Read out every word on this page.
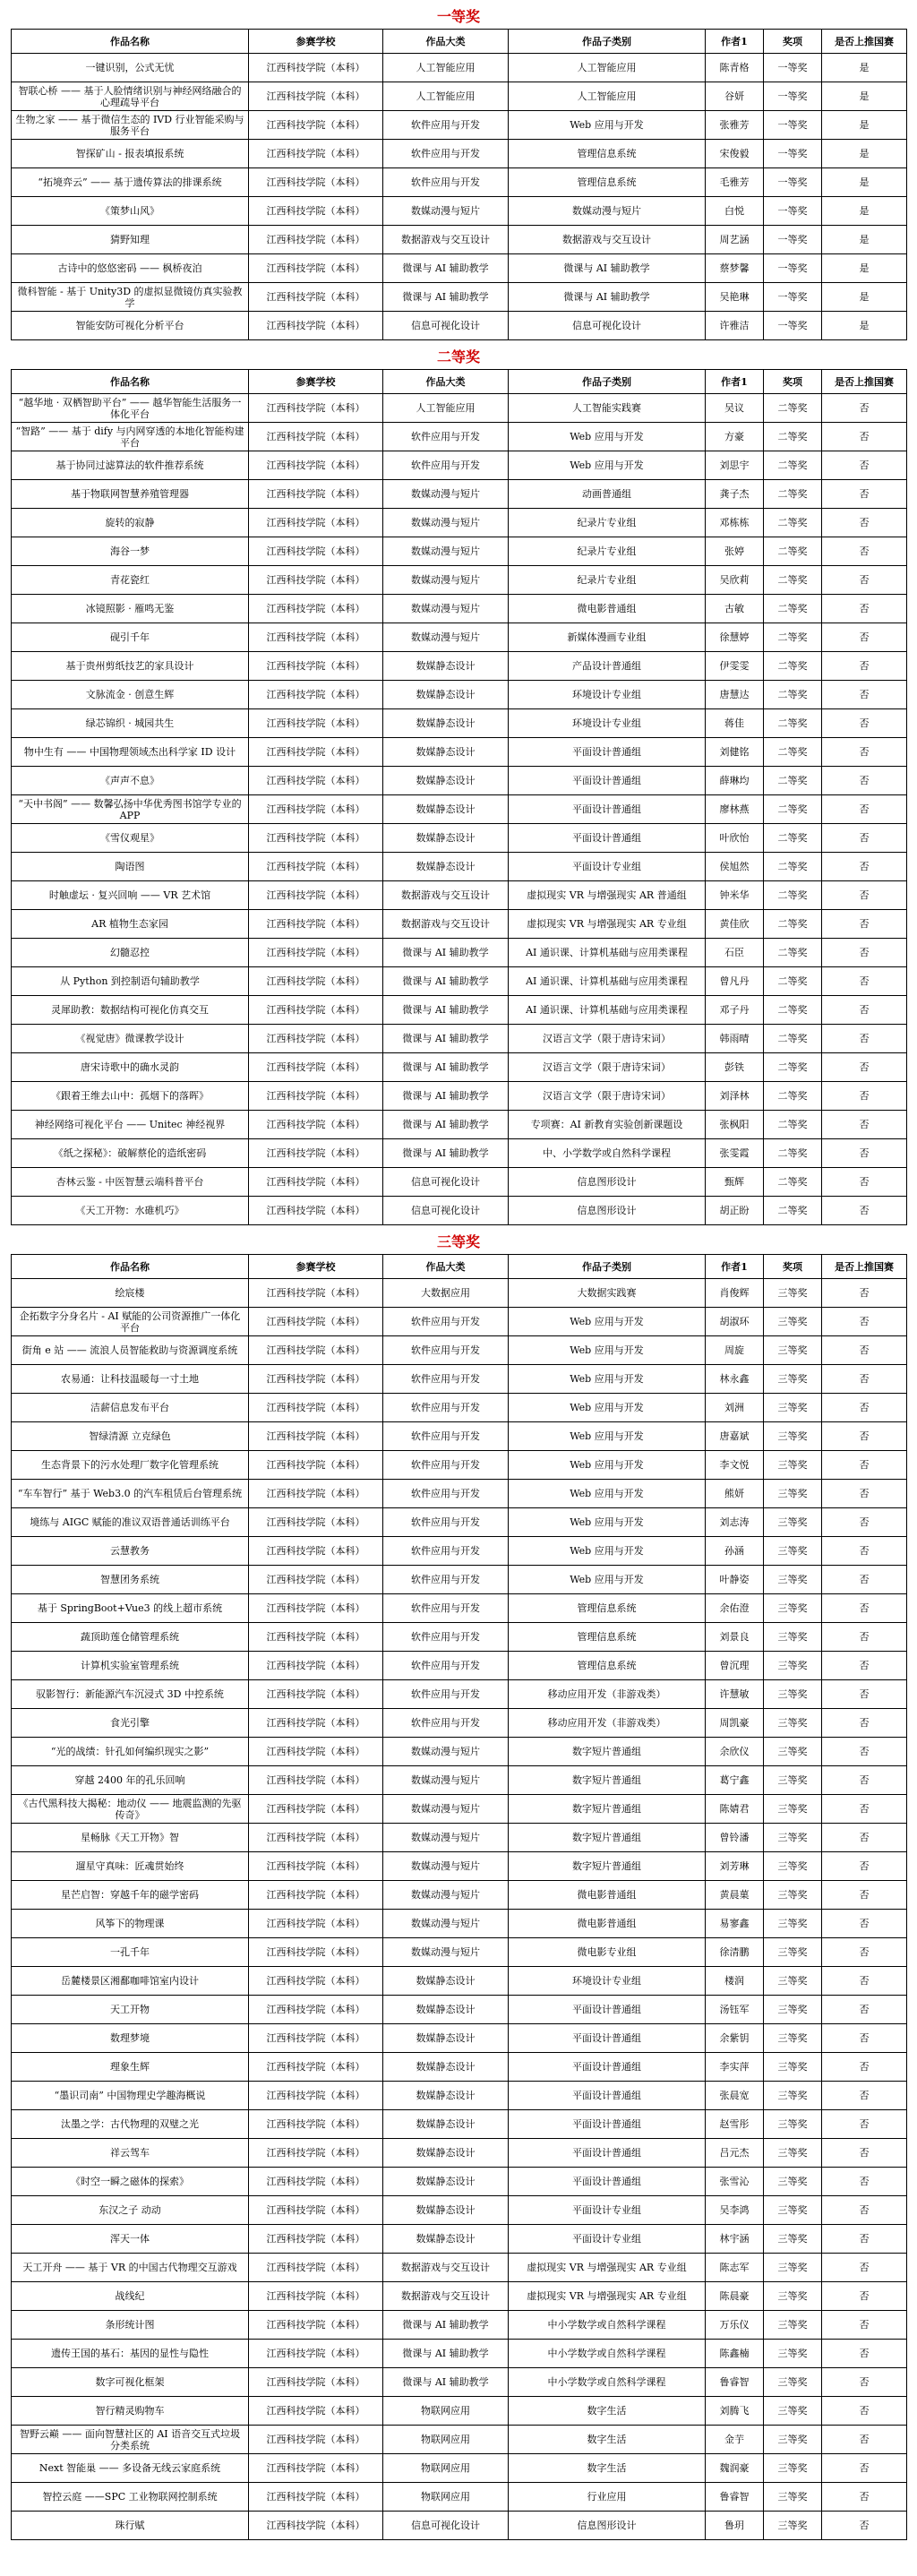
一等奖
作品名称	参赛学校	作品大类	作品子类别	作者1	奖项	是否上推国赛
一键识别，公式无忧	江西科技学院（本科）	人工智能应用	人工智能应用	陈青格	一等奖	是
智联心桥 —— 基于人脸情绪识别与神经网络融合的心理疏导平台	江西科技学院（本科）	人工智能应用	人工智能应用	谷妍	一等奖	是
生物之家 —— 基于微信生态的 IVD 行业智能采购与服务平台	江西科技学院（本科）	软件应用与开发	Web 应用与开发	张雅芳	一等奖	是
智探矿山 - 报表填报系统	江西科技学院（本科）	软件应用与开发	管理信息系统	宋俊毅	一等奖	是
“拓境弈云” —— 基于遗传算法的排课系统	江西科技学院（本科）	软件应用与开发	管理信息系统	毛雅芳	一等奖	是
《策梦山风》	江西科技学院（本科）	数媒动漫与短片	数媒动漫与短片	白悦	一等奖	是
猜野知理	江西科技学院（本科）	数据游戏与交互设计	数据游戏与交互设计	周艺涵	一等奖	是
古诗中的悠悠密码 —— 枫桥夜泊	江西科技学院（本科）	微课与 AI 辅助教学	微课与 AI 辅助教学	蔡梦馨	一等奖	是
微科智能 - 基于 Unity3D 的虚拟显微镜仿真实验教学	江西科技学院（本科）	微课与 AI 辅助教学	微课与 AI 辅助教学	吴艳琳	一等奖	是
智能安防可视化分析平台	江西科技学院（本科）	信息可视化设计	信息可视化设计	许雅洁	一等奖	是
二等奖
作品名称	参赛学校	作品大类	作品子类别	作者1	奖项	是否上推国赛
“越华地 · 双栖智助平台” —— 越华智能生活服务一体化平台	江西科技学院（本科）	人工智能应用	人工智能实践赛	吴议	二等奖	否
“智路” —— 基于 dify 与内网穿透的本地化智能构建平台	江西科技学院（本科）	软件应用与开发	Web 应用与开发	方豪	二等奖	否
基于协同过滤算法的软件推荐系统	江西科技学院（本科）	软件应用与开发	Web 应用与开发	刘思宇	二等奖	否
基于物联网智慧养殖管理器	江西科技学院（本科）	数媒动漫与短片	动画普通组	龚子杰	二等奖	否
旋转的寂静	江西科技学院（本科）	数媒动漫与短片	纪录片专业组	邓栋栋	二等奖	否
海谷一梦	江西科技学院（本科）	数媒动漫与短片	纪录片专业组	张婷	二等奖	否
青花瓷红	江西科技学院（本科）	数媒动漫与短片	纪录片专业组	吴欣莉	二等奖	否
冰镜照影 · 雁鸣无鉴	江西科技学院（本科）	数媒动漫与短片	微电影普通组	古敏	二等奖	否
砚引千年	江西科技学院（本科）	数媒动漫与短片	新媒体漫画专业组	徐慧婷	二等奖	否
基于贵州剪纸技艺的家具设计	江西科技学院（本科）	数媒静态设计	产品设计普通组	伊雯雯	二等奖	否
文脉流金 · 创意生辉	江西科技学院（本科）	数媒静态设计	环境设计专业组	唐慧达	二等奖	否
绿芯锦织 · 城园共生	江西科技学院（本科）	数媒静态设计	环境设计专业组	蒋佳	二等奖	否
物中生有 —— 中国物理领域杰出科学家 ID 设计	江西科技学院（本科）	数媒静态设计	平面设计普通组	刘健铭	二等奖	否
《声声不息》	江西科技学院（本科）	数媒静态设计	平面设计普通组	薛琳均	二等奖	否
“天中书阁” —— 数馨弘扬中华优秀图书馆学专业的 APP	江西科技学院（本科）	数媒静态设计	平面设计普通组	廖林燕	二等奖	否
《雪仪观星》	江西科技学院（本科）	数媒静态设计	平面设计普通组	叶欣怡	二等奖	否
陶语图	江西科技学院（本科）	数媒静态设计	平面设计专业组	侯旭然	二等奖	否
时触虚坛 · 复兴回响 —— VR 艺术馆	江西科技学院（本科）	数据游戏与交互设计	虚拟现实 VR 与增强现实 AR 普通组	钟米华	二等奖	否
AR 植物生态家园	江西科技学院（本科）	数据游戏与交互设计	虚拟现实 VR 与增强现实 AR 专业组	黄佳欣	二等奖	否
幻髓忍控	江西科技学院（本科）	微课与 AI 辅助教学	AI 通识课、计算机基础与应用类课程	石臣	二等奖	否
从 Python 到控制语句辅助教学	江西科技学院（本科）	微课与 AI 辅助教学	AI 通识课、计算机基础与应用类课程	曾凡丹	二等奖	否
灵犀助教：数据结构可视化仿真交互	江西科技学院（本科）	微课与 AI 辅助教学	AI 通识课、计算机基础与应用类课程	邓子丹	二等奖	否
《视觉唐》微课教学设计	江西科技学院（本科）	微课与 AI 辅助教学	汉语言文学（限于唐诗宋词）	韩雨晴	二等奖	否
唐宋诗歌中的确水灵韵	江西科技学院（本科）	微课与 AI 辅助教学	汉语言文学（限于唐诗宋词）	彭铁	二等奖	否
《跟着王维去山中：孤烟下的落晖》	江西科技学院（本科）	微课与 AI 辅助教学	汉语言文学（限于唐诗宋词）	刘泽林	二等奖	否
神经网络可视化平台 —— Unitec 神经视界	江西科技学院（本科）	微课与 AI 辅助教学	专项赛：AI 新教育实验创新课题设	张枫阳	二等奖	否
《纸之探秘》：破解蔡伦的造纸密码	江西科技学院（本科）	微课与 AI 辅助教学	中、小学数学或自然科学课程	张雯霞	二等奖	否
杏林云鉴 - 中医智慧云端科普平台	江西科技学院（本科）	信息可视化设计	信息图形设计	甄辉	二等奖	否
《天工开物：水碓机巧》	江西科技学院（本科）	信息可视化设计	信息图形设计	胡正盼	二等奖	否
三等奖
作品名称	参赛学校	作品大类	作品子类别	作者1	奖项	是否上推国赛
绘宸楼	江西科技学院（本科）	大数据应用	大数据实践赛	肖俊辉	三等奖	否
企拓数字分身名片 - AI 赋能的公司资源推广一体化平台	江西科技学院（本科）	软件应用与开发	Web 应用与开发	胡淑环	三等奖	否
街角 e 站 —— 流浪人员智能救助与资源调度系统	江西科技学院（本科）	软件应用与开发	Web 应用与开发	周旋	三等奖	否
农易通：让科技温暖每一寸土地	江西科技学院（本科）	软件应用与开发	Web 应用与开发	林永鑫	三等奖	否
洁薪信息发布平台	江西科技学院（本科）	软件应用与开发	Web 应用与开发	刘洲	三等奖	否
智绿清源 立克绿色	江西科技学院（本科）	软件应用与开发	Web 应用与开发	唐嘉斌	三等奖	否
生态背景下的污水处理厂数字化管理系统	江西科技学院（本科）	软件应用与开发	Web 应用与开发	李文悦	三等奖	否
“车车智行” 基于 Web3.0 的汽车租赁后台管理系统	江西科技学院（本科）	软件应用与开发	Web 应用与开发	熊妍	三等奖	否
境练与 AIGC 赋能的准议双语普通话训练平台	江西科技学院（本科）	软件应用与开发	Web 应用与开发	刘志涛	三等奖	否
云慧教务	江西科技学院（本科）	软件应用与开发	Web 应用与开发	孙涵	三等奖	否
智慧团务系统	江西科技学院（本科）	软件应用与开发	Web 应用与开发	叶静姿	三等奖	否
基于 SpringBoot+Vue3 的线上超市系统	江西科技学院（本科）	软件应用与开发	管理信息系统	余佑澄	三等奖	否
蔬顶助莲仓储管理系统	江西科技学院（本科）	软件应用与开发	管理信息系统	刘景良	三等奖	否
计算机实验室管理系统	江西科技学院（本科）	软件应用与开发	管理信息系统	曾沉理	三等奖	否
驭影智行：新能源汽车沉浸式 3D 中控系统	江西科技学院（本科）	软件应用与开发	移动应用开发（非游戏类）	许慧敏	三等奖	否
食光引擎	江西科技学院（本科）	软件应用与开发	移动应用开发（非游戏类）	周凯豪	三等奖	否
“光的战绩：针孔如何编织现实之影”	江西科技学院（本科）	数媒动漫与短片	数字短片普通组	余欣仪	三等奖	否
穿越 2400 年的孔乐回响	江西科技学院（本科）	数媒动漫与短片	数字短片普通组	葛宁鑫	三等奖	否
《古代黑科技大揭秘：地动仪 —— 地震监测的先驱传奇》	江西科技学院（本科）	数媒动漫与短片	数字短片普通组	陈婧君	三等奖	否
星畅脉《天工开物》智	江西科技学院（本科）	数媒动漫与短片	数字短片普通组	曾铃潘	三等奖	否
遛星守真味：匠魂贯始终	江西科技学院（本科）	数媒动漫与短片	数字短片普通组	刘芳琳	三等奖	否
星芒启智：穿越千年的磁学密码	江西科技学院（本科）	数媒动漫与短片	微电影普通组	黄晨菓	三等奖	否
风筝下的物理课	江西科技学院（本科）	数媒动漫与短片	微电影普通组	易寥鑫	三等奖	否
一孔千年	江西科技学院（本科）	数媒动漫与短片	微电影专业组	徐清鹏	三等奖	否
岳麓楼景区湘鄱咖啡馆室内设计	江西科技学院（本科）	数媒静态设计	环境设计专业组	楼润	三等奖	否
天工开物	江西科技学院（本科）	数媒静态设计	平面设计普通组	汤钰军	三等奖	否
数理梦境	江西科技学院（本科）	数媒静态设计	平面设计普通组	余紫钥	三等奖	否
理象生辉	江西科技学院（本科）	数媒静态设计	平面设计普通组	李实萍	三等奖	否
“墨识司南” 中国物理史学趣海概说	江西科技学院（本科）	数媒静态设计	平面设计普通组	张晨宽	三等奖	否
汰墨之学：古代物理的双璧之光	江西科技学院（本科）	数媒静态设计	平面设计普通组	赵雪彤	三等奖	否
祥云驾车	江西科技学院（本科）	数媒静态设计	平面设计普通组	吕元杰	三等奖	否
《时空一瞬之磁体的探索》	江西科技学院（本科）	数媒静态设计	平面设计普通组	张雪沁	三等奖	否
东汉之子 动动	江西科技学院（本科）	数媒静态设计	平面设计专业组	吴李鸿	三等奖	否
浑天一体	江西科技学院（本科）	数媒静态设计	平面设计专业组	林宇涵	三等奖	否
天工开舟 —— 基于 VR 的中国古代物理交互游戏	江西科技学院（本科）	数据游戏与交互设计	虚拟现实 VR 与增强现实 AR 专业组	陈志军	三等奖	否
战线纪	江西科技学院（本科）	数据游戏与交互设计	虚拟现实 VR 与增强现实 AR 专业组	陈晨豪	三等奖	否
条形统计图	江西科技学院（本科）	微课与 AI 辅助教学	中小学数学或自然科学课程	万乐仪	三等奖	否
遗传王国的基石：基因的显性与隐性	江西科技学院（本科）	微课与 AI 辅助教学	中小学数学或自然科学课程	陈鑫楠	三等奖	否
数字可视化框架	江西科技学院（本科）	微课与 AI 辅助教学	中小学数学或自然科学课程	鲁睿智	三等奖	否
智行精灵购物车	江西科技学院（本科）	物联网应用	数字生活	刘腾飞	三等奖	否
智野云巅 —— 面向智慧社区的 AI 语音交互式垃圾分类系统	江西科技学院（本科）	物联网应用	数字生活	金芋	三等奖	否
Next 智能巢 —— 多设备无线云家庭系统	江西科技学院（本科）	物联网应用	数字生活	魏润豪	三等奖	否
智控云庭 ——SPC 工业物联网控制系统	江西科技学院（本科）	物联网应用	行业应用	鲁睿智	三等奖	否
珠行赋	江西科技学院（本科）	信息可视化设计	信息图形设计	鲁玥	三等奖	否
